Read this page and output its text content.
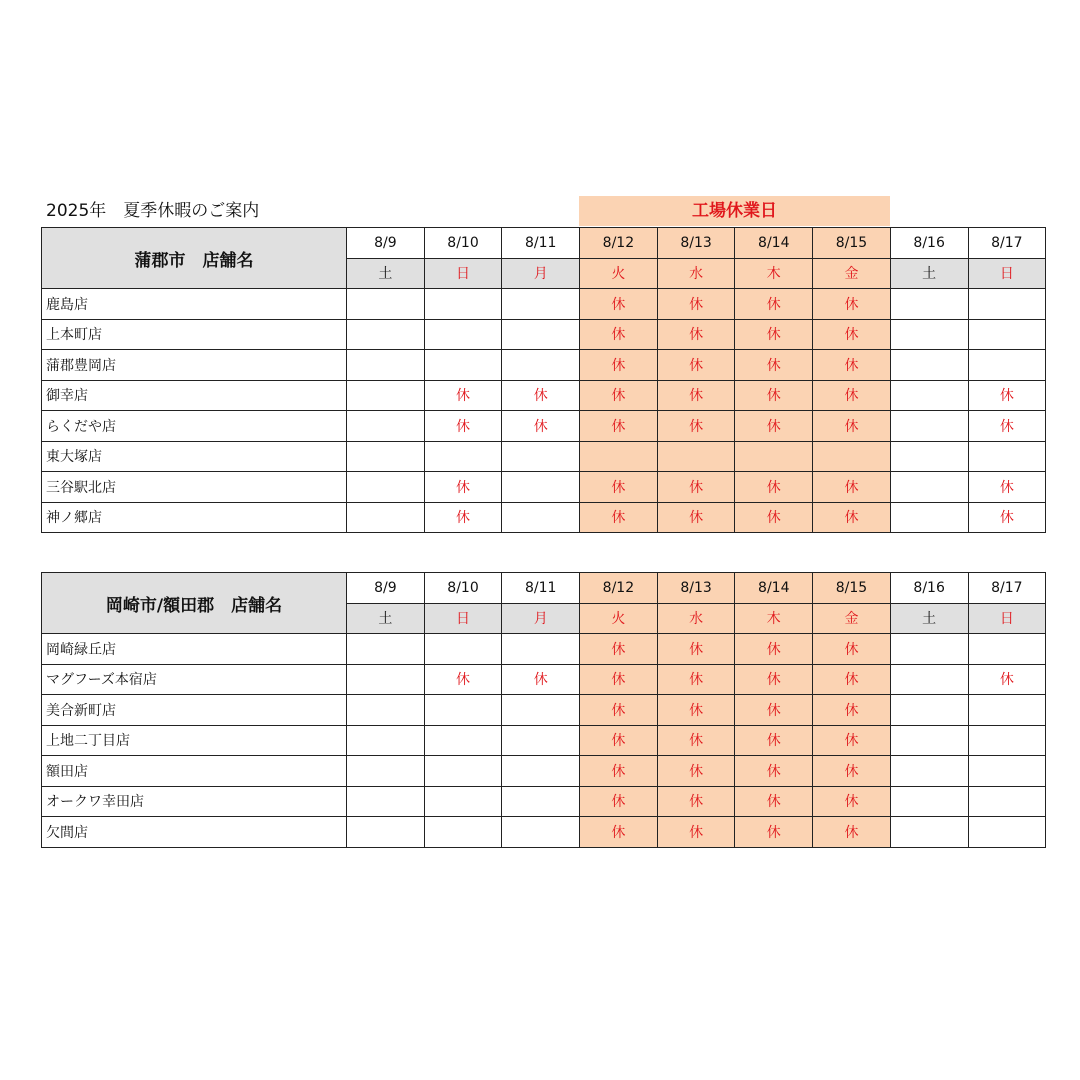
2025年　夏季休暇のご案内	工場休業日
蒲郡市　店舗名	8/9	8/10	8/11	8/12	8/13	8/14	8/15	8/16	8/17
	土	日	月	火	水	木	金	土	日
鹿島店				休	休	休	休		
上本町店				休	休	休	休		
蒲郡豊岡店				休	休	休	休		
御幸店		休	休	休	休	休	休		休
らくだや店		休	休	休	休	休	休		休
東大塚店									
三谷駅北店		休		休	休	休	休		休
神ノ郷店		休		休	休	休	休		休
岡崎市/額田郡　店舗名	8/9	8/10	8/11	8/12	8/13	8/14	8/15	8/16	8/17
	土	日	月	火	水	木	金	土	日
岡崎緑丘店				休	休	休	休		
マグフーズ本宿店		休	休	休	休	休	休		休
美合新町店				休	休	休	休		
上地二丁目店				休	休	休	休		
額田店				休	休	休	休		
オークワ幸田店				休	休	休	休		
欠間店				休	休	休	休		
